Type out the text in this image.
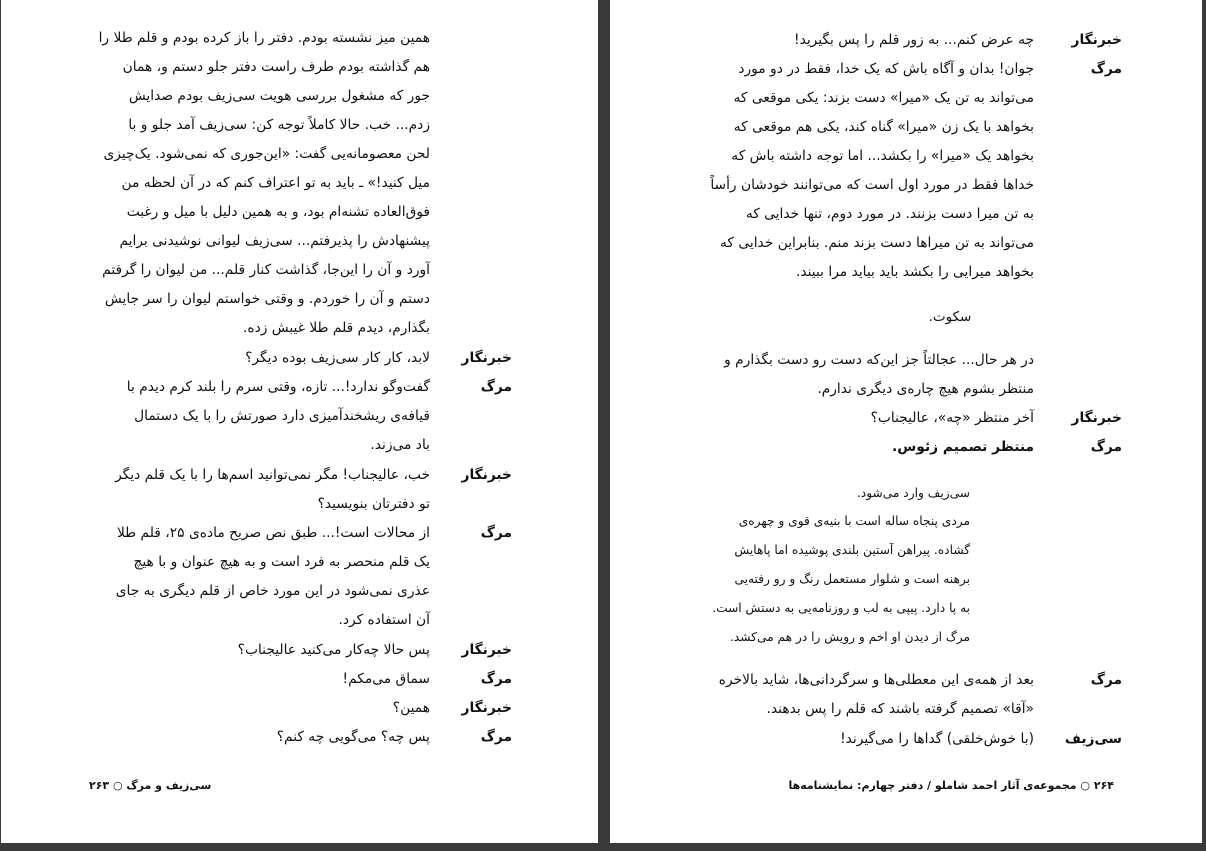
همین میز نشسته بودم. دفتر را باز کرده بودم و قلم طلا را
هم گذاشته بودم طرف راست دفتر جلو دستم و، همان
جور که مشغول بررسی هویت سی‌زیف بودم صدایش
زدم... خب. حالا کاملاً توجه کن: سی‌زیف آمد جلو و با
لحن معصومانه‌یی گفت: «این‌جوری که نمی‌شود. یک‌چیزی
میل کنید!» ـ باید به تو اعتراف کنم که در آن لحظه من
فوق‌العاده تشنه‌ام بود، و به همین دلیل با میل و رغبت
پیشنهادش را پذیرفتم... سی‌زیف لیوانی نوشیدنی برایم
آورد و آن را این‌جا، گذاشت کنار قلم... من لیوان را گرفتم
دستم و آن را خوردم. و وقتی خواستم لیوان را سر جایش
بگذارم، دیدم قلم طلا غیبش زده.
خبرنگار
لابد، کار کار سی‌زیف بوده دیگر؟
مرگ
گفت‌وگو ندارد!... تازه، وقتی سرم را بلند کرم دیدم با
قیافه‌ی ریشخندآمیزی دارد صورتش را با یک دستمال
باد می‌زند.
خبرنگار
خب، عالیجناب! مگر نمی‌توانید اسم‌ها را با یک قلم دیگر
تو دفترتان بنویسید؟
مرگ
از محالات است!... طبق نص صریح ماده‌ی ۲۵، قلم طلا
یک قلم منحصر به فرد است و به هیچ عنوان و با هیچ
عذری نمی‌شود در این مورد خاص از قلم دیگری به جای
آن استفاده کرد.
خبرنگار
پس حالا چه‌کار می‌کنید عالیجناب؟
مرگ
سماق می‌مکم!
خبرنگار
همین؟
مرگ
پس چه؟ می‌گویی چه کنم؟
سی‌زیف و مرگ ○ ۲۶۳
خبرنگار
چه عرض کنم... به زور قلم را پس بگیرید!
مرگ
جوان! بدان و آگاه باش که یک خدا، فقط در دو مورد
می‌تواند به تن یک «میرا» دست بزند: یکی موقعی که
بخواهد با یک زن «میرا» گناه کند، یکی هم موقعی که
بخواهد یک «میرا» را بکشد... اما توجه داشته باش که
خداها فقط در مورد اول است که می‌توانند خودشان رأساً
به تن میرا دست بزنند. در مورد دوم، تنها خدایی که
می‌تواند به تن میراها دست بزند منم. بنابراین خدایی که
بخواهد میرایی را بکشد باید بیاید مرا ببیند.
سکوت.
در هر حال... عجالتاً جز این‌که دست رو دست بگذارم و
منتظر بشوم هیچ چاره‌ی دیگری ندارم.
خبرنگار
آخر منتظر «چه»، عالیجناب؟
مرگ
منتظر تصمیم زئوس.
سی‌زیف وارد می‌شود.
مردی پنجاه ساله است با بنیه‌ی قوی و چهره‌ی
گشاده. پیراهن آستین بلندی پوشیده اما پاهایش
برهنه است و شلوار مستعمل رنگ و رو رفته‌یی
به پا دارد. پیپی به لب و روزنامه‌یی به دستش است.
مرگ از دیدن او اخم و رویش را در هم می‌کشد.
مرگ
بعد از همه‌ی این معطلی‌ها و سرگردانی‌ها، شاید بالاخره
«آقا» تصمیم گرفته باشند که قلم را پس بدهند.
سی‌زیف
(با خوش‌خلقی) گداها را می‌گیرند!
۲۶۴ ○ مجموعه‌ی آثار احمد شاملو / دفتر چهارم: نمایشنامه‌ها
